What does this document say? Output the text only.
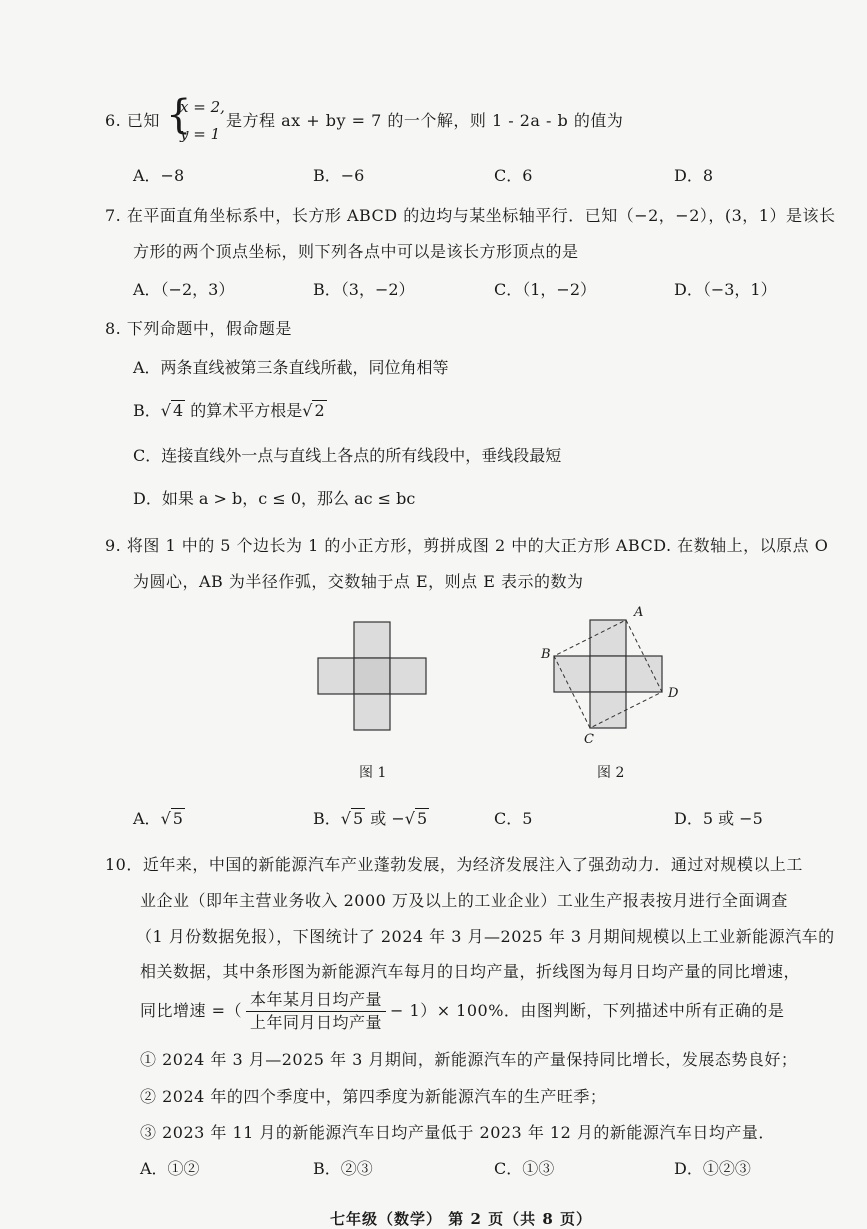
6. 已知 {
x = 2,
y = 1
是方程 ax + by = 7 的一个解，则 1 - 2a - b 的值为
A．−8	B．−6	C．6	D．8
7. 在平面直角坐标系中，长方形 ABCD 的边均与某坐标轴平行．已知（−2，−2），(3，1）是该长
方形的两个顶点坐标，则下列各点中可以是该长方形顶点的是
A．（−2，3）	B．（3，−2）	C．（1，−2）	D．（−3，1）
8. 下列命题中，假命题是
A．两条直线被第三条直线所截，同位角相等
B．√ 4 的算术平方根是√ 2
C．连接直线外一点与直线上各点的所有线段中，垂线段最短
D．如果 a > b，c ≤ 0，那么 ac ≤ bc
9. 将图 1 中的 5 个边长为 1 的小正方形，剪拼成图 2 中的大正方形 ABCD. 在数轴上，以原点 O
为圆心，AB 为半径作弧，交数轴于点 E，则点 E 表示的数为
图 1
A
B
C
D
图 2
A．√ 5	B．√ 5 或 −√ 5	C．5	D．5 或 −5
10．近年来，中国的新能源汽车产业蓬勃发展，为经济发展注入了强劲动力．通过对规模以上工
业企业（即年主营业务收入 2000 万及以上的工业企业）工业生产报表按月进行全面调查
（1 月份数据免报），下图统计了 2024 年 3 月—2025 年 3 月期间规模以上工业新能源汽车的
相关数据，其中条形图为新能源汽车每月的日均产量，折线图为每月日均产量的同比增速，
同比增速 =（ $\frac{\text{本年某月日均产量}}{\text{上年同月日均产量}} - 1)\times 100\%$．由图判断，下列描述中所有正确的是
① 2024 年 3 月—2025 年 3 月期间，新能源汽车的产量保持同比增长，发展态势良好；
② 2024 年的四个季度中，第四季度为新能源汽车的生产旺季；
③ 2023 年 11 月的新能源汽车日均产量低于 2023 年 12 月的新能源汽车日均产量．
A．①②	B．②③	C．①③	D．①②③
七年级（数学） 第 2 页（共 8 页）
